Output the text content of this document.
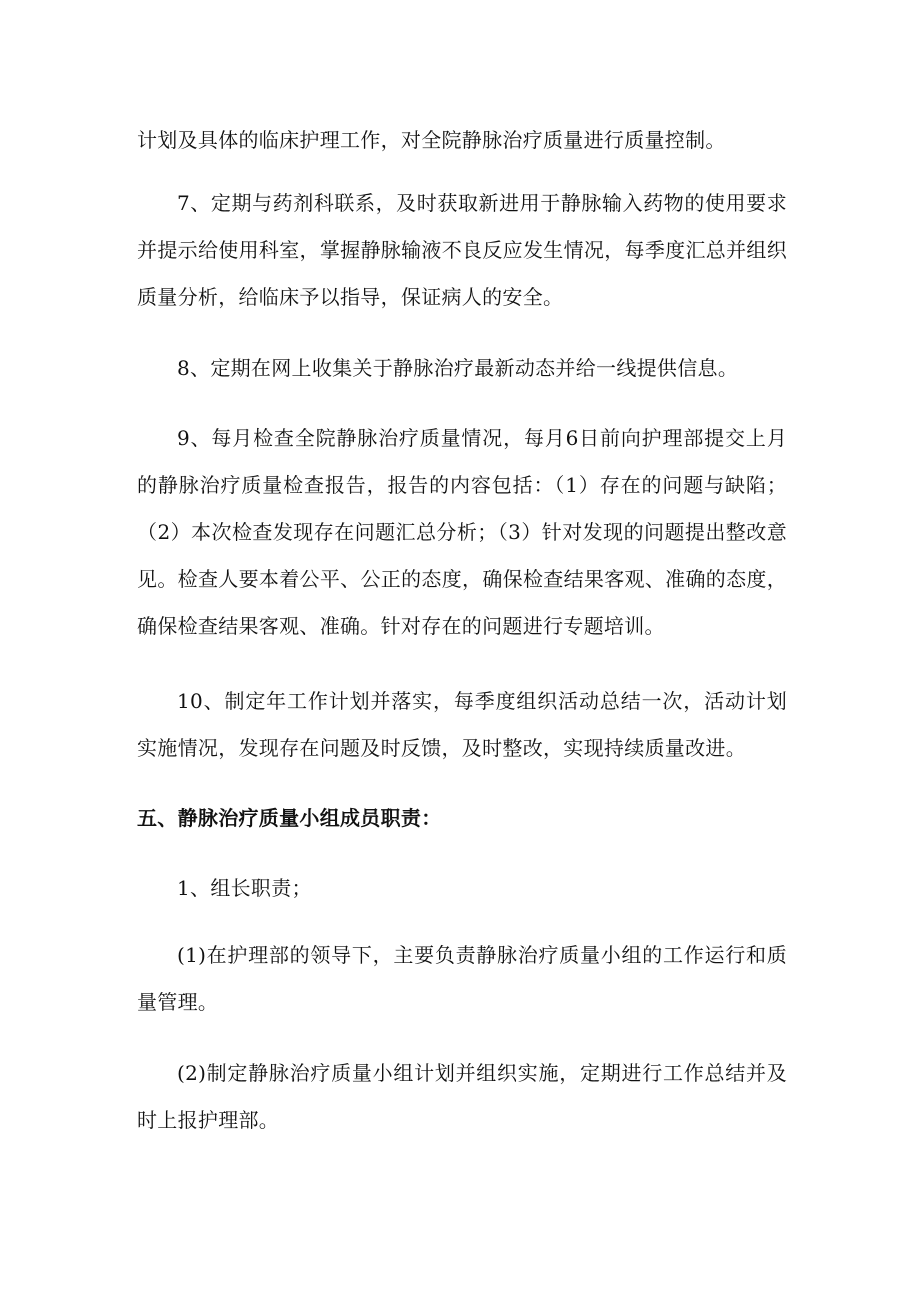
计划及具体的临床护理工作，对全院静脉治疗质量进行质量控制。
7、定期与药剂科联系，及时获取新进用于静脉输入药物的使用要求并提示给使用科室，掌握静脉输液不良反应发生情况，每季度汇总并组织质量分析，给临床予以指导，保证病人的安全。
8、定期在网上收集关于静脉治疗最新动态并给一线提供信息。
9、每月检查全院静脉治疗质量情况，每月6日前向护理部提交上月的静脉治疗质量检查报告，报告的内容包括：（1）存在的问题与缺陷；（2）本次检查发现存在问题汇总分析；（3）针对发现的问题提出整改意见。检查人要本着公平、公正的态度，确保检查结果客观、准确的态度，确保检查结果客观、准确。针对存在的问题进行专题培训。
10、制定年工作计划并落实，每季度组织活动总结一次，活动计划实施情况，发现存在问题及时反馈，及时整改，实现持续质量改进。
五、静脉治疗质量小组成员职责：
1、组长职责；
(1)在护理部的领导下，主要负责静脉治疗质量小组的工作运行和质量管理。
(2)制定静脉治疗质量小组计划并组织实施，定期进行工作总结并及时上报护理部。
